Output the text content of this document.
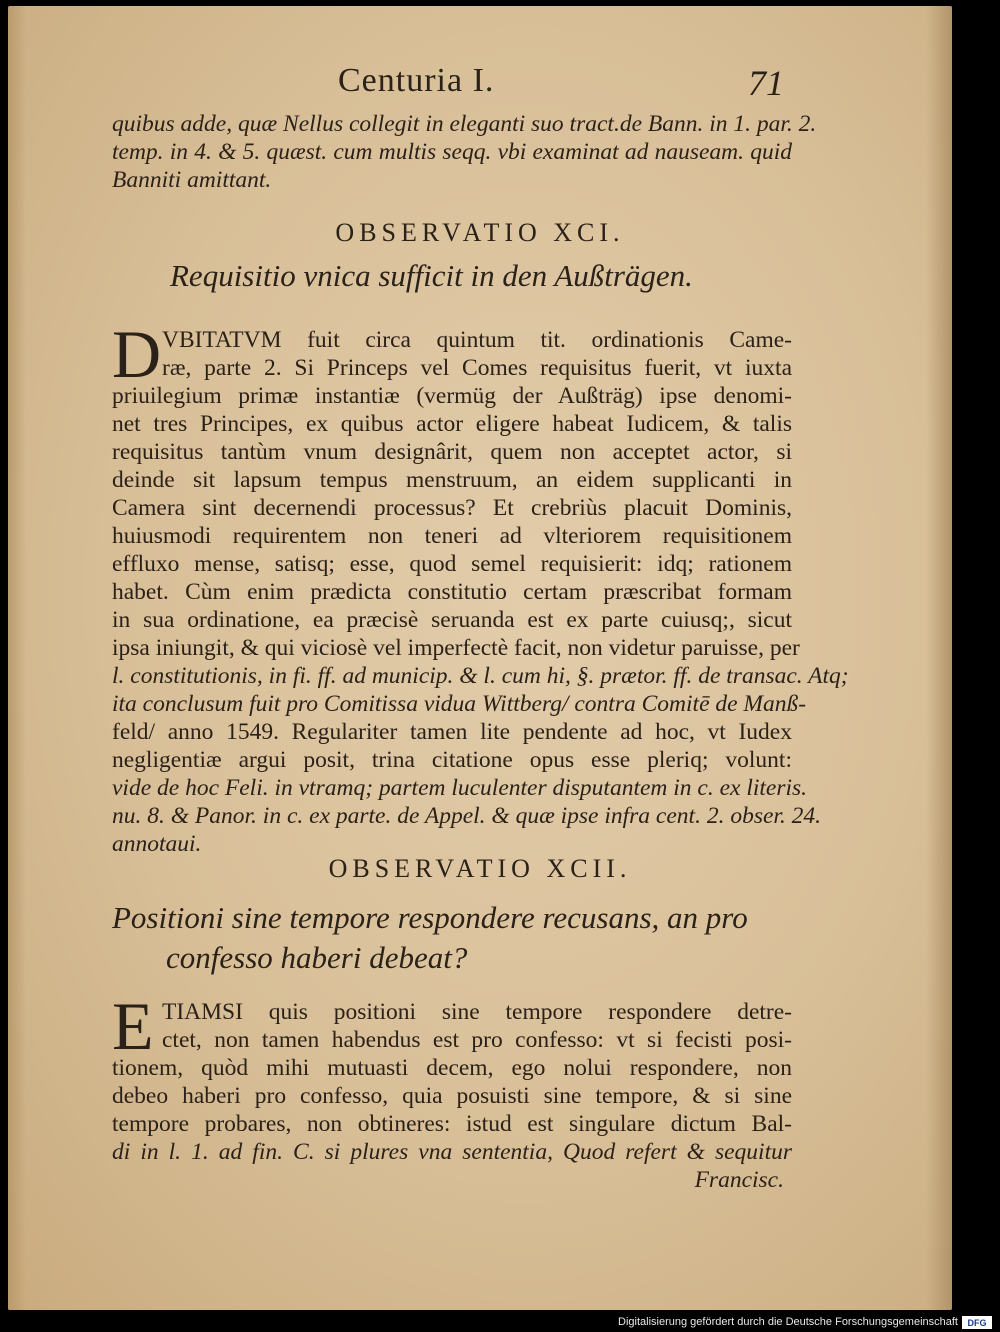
Centuria I.	71
quibus adde, quæ Nellus collegit in eleganti suo tract.de Bann. in 1. par. 2.
temp. in 4. & 5. quæst. cum multis seqq. vbi examinat ad nauseam. quid
Banniti amittant.
OBSERVATIO XCI.
Requisitio vnica sufficit in den Außträgen.
D VBITATVM fuit circa quintum tit. ordinationis Came-
ræ, parte 2. Si Princeps vel Comes requisitus fuerit, vt iuxta
priuilegium primæ instantiæ (vermüg der Außträg) ipse denomi-
net tres Principes, ex quibus actor eligere habeat Iudicem, & talis
requisitus tantùm vnum designârit, quem non acceptet actor, si
deinde sit lapsum tempus menstruum, an eidem supplicanti in
Camera sint decernendi processus? Et crebriùs placuit Dominis,
huiusmodi requirentem non teneri ad vlteriorem requisitionem
effluxo mense, satisq; esse, quod semel requisierit: idq; rationem
habet. Cùm enim prædicta constitutio certam præscribat formam
in sua ordinatione, ea præcisè seruanda est ex parte cuiusq;, sicut
ipsa iniungit, & qui viciosè vel imperfectè facit, non videtur paruisse, per
l. constitutionis, in fi. ff. ad municip. & l. cum hi, §. prætor. ff. de transac. Atq;
ita conclusum fuit pro Comitissa vidua Wittberg/ contra Comitē de Manß-
feld/ anno 1549. Regulariter tamen lite pendente ad hoc, vt Iudex
negligentiæ argui posit, trina citatione opus esse pleriq; volunt:
vide de hoc Feli. in vtramq; partem luculenter disputantem in c. ex literis.
nu. 8. & Panor. in c. ex parte. de Appel. & quæ ipse infra cent. 2. obser. 24.
annotaui.
OBSERVATIO XCII.
Positioni sine tempore respondere recusans, an pro
confesso haberi debeat?
E TIAMSI quis positioni sine tempore respondere detre-
ctet, non tamen habendus est pro confesso: vt si fecisti posi-
tionem, quòd mihi mutuasti decem, ego nolui respondere, non
debeo haberi pro confesso, quia posuisti sine tempore, & si sine
tempore probares, non obtineres: istud est singulare dictum Bal-
di in l. 1. ad fin. C. si plures vna sententia, Quod refert & sequitur
Francisc.
Digitalisierung gefördert durch die Deutsche Forschungsgemeinschaft	DFG
